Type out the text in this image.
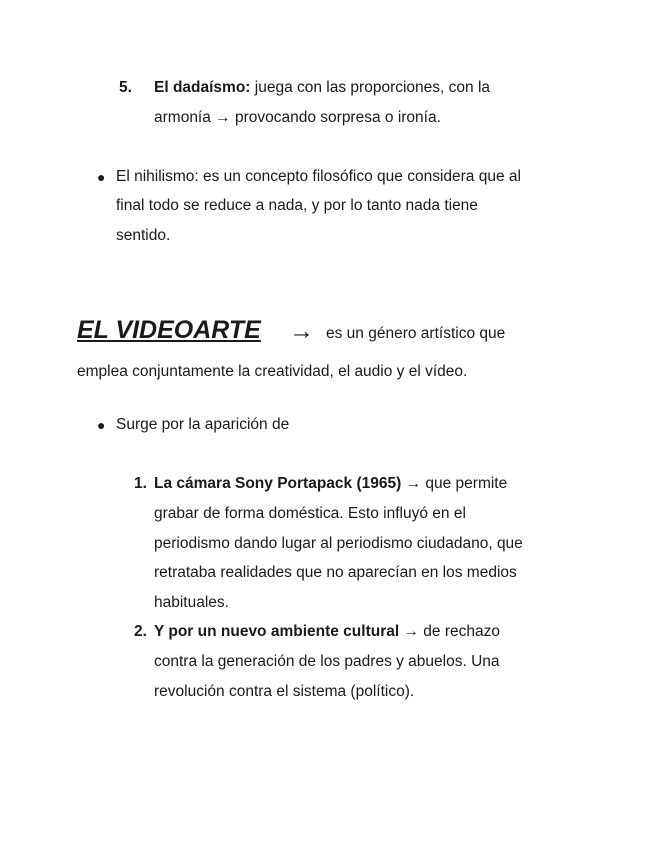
5. El dadaísmo: juega con las proporciones, con la
armonía → provocando sorpresa o ironía.
● El nihilismo: es un concepto filosófico que considera que al
final todo se reduce a nada, y por lo tanto nada tiene
sentido.
EL VIDEOARTE → es un género artístico que
emplea conjuntamente la creatividad, el audio y el vídeo.
● Surge por la aparición de
1. La cámara Sony Portapack (1965) → que permite
grabar de forma doméstica. Esto influyó en el
periodismo dando lugar al periodismo ciudadano, que
retrataba realidades que no aparecían en los medios
habituales.
2. Y por un nuevo ambiente cultural → de rechazo
contra la generación de los padres y abuelos. Una
revolución contra el sistema (político).
